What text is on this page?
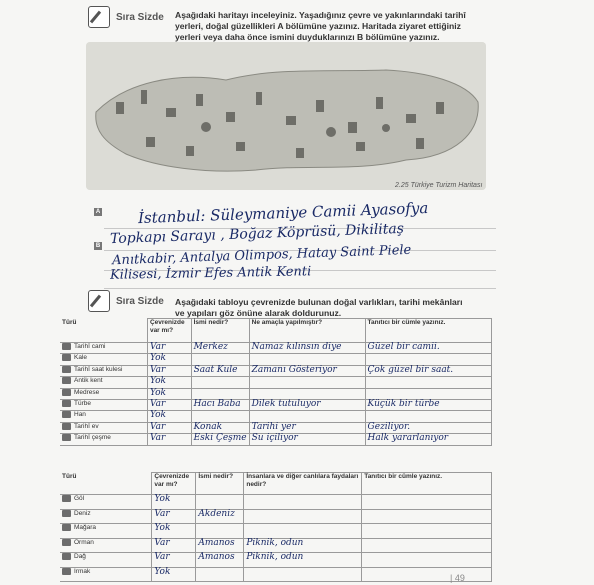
Sıra Sizde Aşağıdaki haritayı inceleyiniz. Yaşadığınız çevre ve yakınlarındaki tarihî yerleri, doğal güzellikleri A bölümüne yazınız. Haritada ziyaret ettiğiniz yerleri veya daha önce ismini duyduklarınızı B bölümüne yazınız.
2.25 Türkiye Turizm Haritası
A
B
İstanbul: Süleymaniye Camii Ayasofya
Topkapı Sarayı , Boğaz Köprüsü, Dikilitaş
Anıtkabir, Antalya Olimpos, Hatay Saint Piele
Kilisesi, İzmir Efes Antik Kenti
Sıra Sizde Aşağıdaki tabloyu çevrenizde bulunan doğal varlıkları, tarihi mekânları ve yapıları göz önüne alarak doldurunuz.
Türü	Çevrenizde var mı?	İsmi nedir?	Ne amaçla yapılmıştır?	Tanıtıcı bir cümle yazınız.

Tarihî cami	Var	Merkez	Namaz kılınsın diye	Güzel bir camii.

Kale	Yok			

Tarihî saat kulesi	Var	Saat Kule	Zamanı Gösteriyor	Çok güzel bir saat.

Antik kent	Yok			

Medrese	Yok			

Türbe	Var	Hacı Baba	Dilek tutuluyor	Küçük bir türbe

Han	Yok			

Tarihî ev	Var	Konak	Tarihi yer	Geziliyor.

Tarihî çeşme	Var	Eski Çeşme	Su içiliyor	Halk yararlanıyor
Türü	Çevrenizde var mı?	İsmi nedir?	İnsanlara ve diğer canlılara faydaları nedir?	Tanıtıcı bir cümle yazınız.

Göl	Yok			

Deniz	Var	Akdeniz		

Mağara	Yok			

Orman	Var	Amanos	Piknik, odun	

Dağ	Var	Amanos	Piknik, odun	

Irmak	Yok			
| 49
